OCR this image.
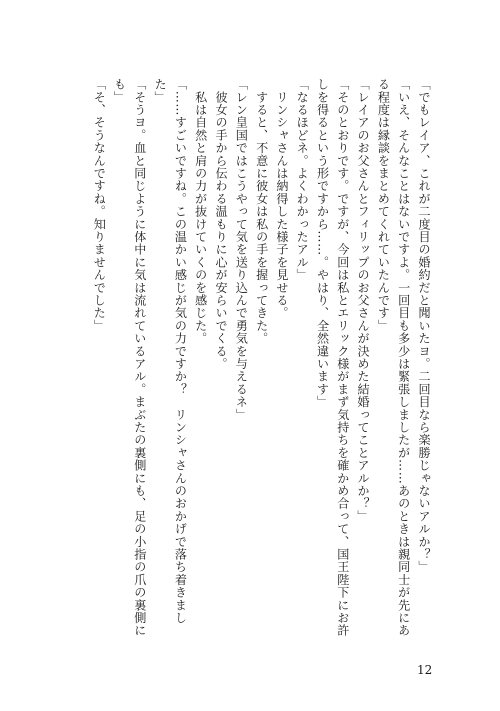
「でもレイア、これが二度目の婚約だと聞いたヨ。二回目なら楽勝じゃないアルか？」
「いえ、そんなことはないですよ。一回目も多少は緊張しましたが……あのときは親同士が先にあ
る程度は縁談をまとめてくれていたんです」
「レイアのお父さんとフィリップのお父さんが決めた結婚ってことアルか？」
「そのとおりです。ですが、今回は私とエリック様がまず気持ちを確かめ合って、国王陛下にお許
しを得るという形ですから……。やはり、全然違います」
「なるほどネ。よくわかったアル」
　リンシャさんは納得した様子を見せる。
　すると、不意に彼女は私の手を握ってきた。
「レン皇国ではこうやって気を送り込んで勇気を与えるネ」
　彼女の手から伝わる温もりに心が安らいでくる。
　私は自然と肩の力が抜けていくのを感じた。
「……すごいですね。この温かい感じが気の力ですか？　リンシャさんのおかげで落ち着きまし
た」
「そうヨ。血と同じように体中に気は流れているアル。まぶたの裏側にも、足の小指の爪の裏側に
も」
「そ、そうなんですね。知りませんでした」
12
